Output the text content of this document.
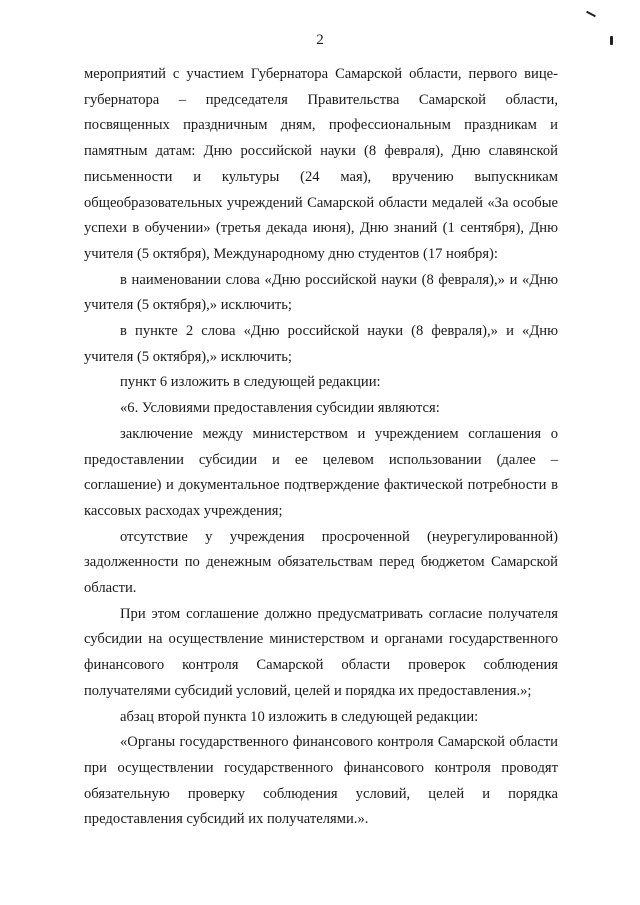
2

мероприятий с участием Губернатора Самарской области, первого вице-губернатора – председателя Правительства Самарской области, посвященных праздничным дням, профессиональным праздникам и памятным датам: Дню российской науки (8 февраля), Дню славянской письменности и культуры (24 мая), вручению выпускникам общеобразовательных учреждений Самарской области медалей «За особые успехи в обучении» (третья декада июня), Дню знаний (1 сентября), Дню учителя (5 октября), Международному дню студентов (17 ноября):

в наименовании слова «Дню российской науки (8 февраля),» и «Дню учителя (5 октября),» исключить;

в пункте 2 слова «Дню российской науки (8 февраля),» и «Дню учителя (5 октября),» исключить;

пункт 6 изложить в следующей редакции:

«6. Условиями предоставления субсидии являются:

заключение между министерством и учреждением соглашения о предоставлении субсидии и ее целевом использовании (далее – соглашение) и документальное подтверждение фактической потребности в кассовых расходах учреждения;

отсутствие у учреждения просроченной (неурегулированной) задолженности по денежным обязательствам перед бюджетом Самарской области.

При этом соглашение должно предусматривать согласие получателя субсидии на осуществление министерством и органами государственного финансового контроля Самарской области проверок соблюдения получателями субсидий условий, целей и порядка их предоставления.»;

абзац второй пункта 10 изложить в следующей редакции:

«Органы государственного финансового контроля Самарской области при осуществлении государственного финансового контроля проводят обязательную проверку соблюдения условий, целей и порядка предоставления субсидий их получателями.».
